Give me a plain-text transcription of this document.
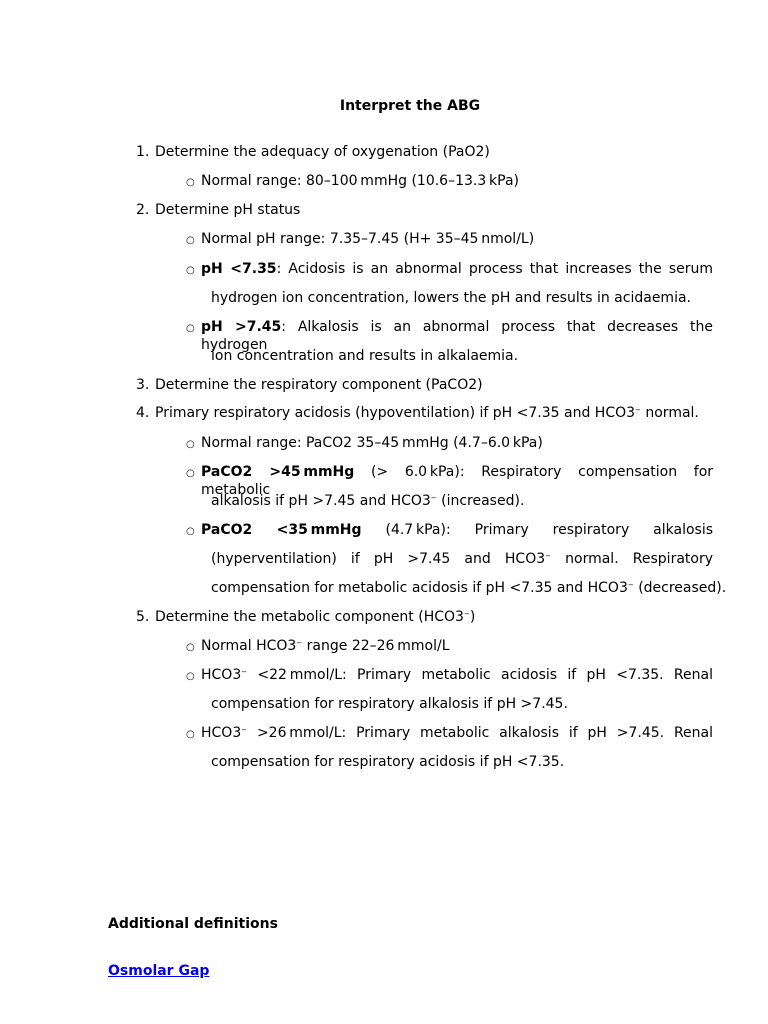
Interpret the ABG
1. Determine the adequacy of oxygenation (PaO2)
○ Normal range: 80–100 mmHg (10.6–13.3 kPa)
2. Determine pH status
○ Normal pH range: 7.35–7.45 (H+ 35–45 nmol/L)
○ pH <7.35: Acidosis is an abnormal process that increases the serum
hydrogen ion concentration, lowers the pH and results in acidaemia.
○ pH >7.45: Alkalosis is an abnormal process that decreases the hydrogen
ion concentration and results in alkalaemia.
3. Determine the respiratory component (PaCO2)
4. Primary respiratory acidosis (hypoventilation) if pH <7.35 and HCO3− normal.
○ Normal range: PaCO2 35–45 mmHg (4.7–6.0 kPa)
○ PaCO2 >45 mmHg (> 6.0 kPa): Respiratory compensation for metabolic
alkalosis if pH >7.45 and HCO3− (increased).
○ PaCO2 <35 mmHg (4.7 kPa): Primary respiratory alkalosis
(hyperventilation) if pH >7.45 and HCO3− normal. Respiratory
compensation for metabolic acidosis if pH <7.35 and HCO3− (decreased).
5. Determine the metabolic component (HCO3−)
○ Normal HCO3− range 22–26 mmol/L
○ HCO3− <22 mmol/L: Primary metabolic acidosis if pH <7.35. Renal
compensation for respiratory alkalosis if pH >7.45.
○ HCO3− >26 mmol/L: Primary metabolic alkalosis if pH >7.45. Renal
compensation for respiratory acidosis if pH <7.35.
Additional definitions
Osmolar Gap
